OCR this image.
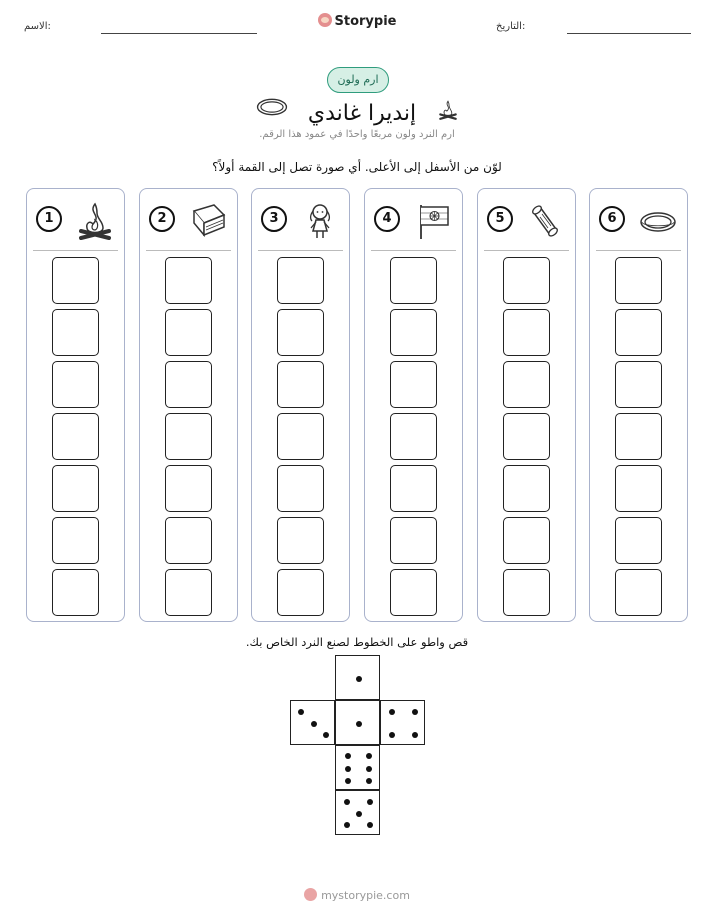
الاسم:	Storypie	التاريخ:
ارم ولون
إنديرا غاندي
ارم النرد ولون مربعًا واحدًا في عمود هذا الرقم.
لوّن من الأسفل إلى الأعلى. أي صورة تصل إلى القمة أولاً؟
1	2	3	4	5	6
قص واطو على الخطوط لصنع النرد الخاص بك.
mystorypie.com
